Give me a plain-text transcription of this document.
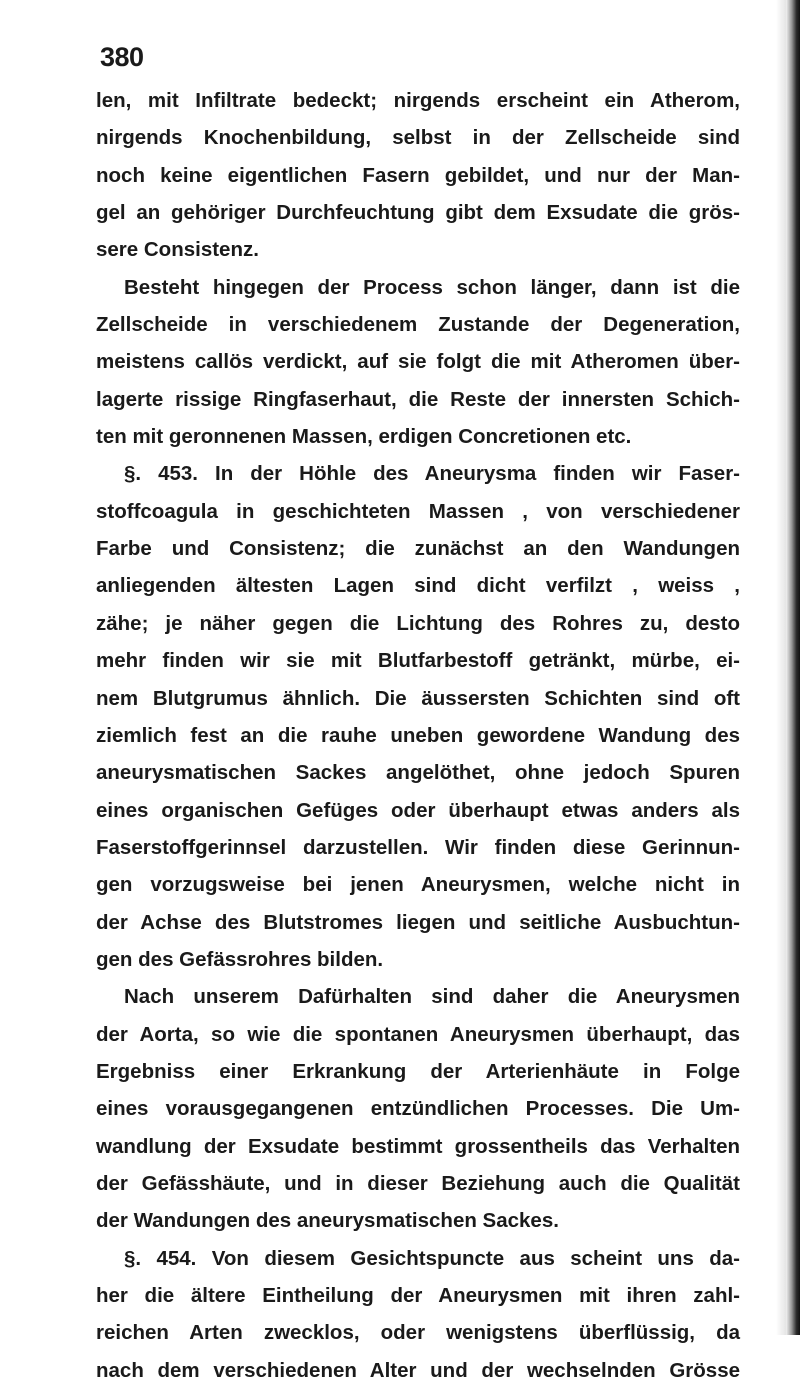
380
len, mit Infiltrate bedeckt; nirgends erscheint ein Atherom,
nirgends Knochenbildung, selbst in der Zellscheide sind
noch keine eigentlichen Fasern gebildet, und nur der Man-
gel an gehöriger Durchfeuchtung gibt dem Exsudate die grös-
sere Consistenz.
Besteht hingegen der Process schon länger, dann ist die
Zellscheide in verschiedenem Zustande der Degeneration,
meistens callös verdickt, auf sie folgt die mit Atheromen über-
lagerte rissige Ringfaserhaut, die Reste der innersten Schich-
ten mit geronnenen Massen, erdigen Concretionen etc.
§. 453. In der Höhle des Aneurysma finden wir Faser-
stoffcoagula in geschichteten Massen , von verschiedener
Farbe und Consistenz; die zunächst an den Wandungen
anliegenden ältesten Lagen sind dicht verfilzt , weiss ,
zähe; je näher gegen die Lichtung des Rohres zu, desto
mehr finden wir sie mit Blutfarbestoff getränkt, mürbe, ei-
nem Blutgrumus ähnlich. Die äussersten Schichten sind oft
ziemlich fest an die rauhe uneben gewordene Wandung des
aneurysmatischen Sackes angelöthet, ohne jedoch Spuren
eines organischen Gefüges oder überhaupt etwas anders als
Faserstoffgerinnsel darzustellen. Wir finden diese Gerinnun-
gen vorzugsweise bei jenen Aneurysmen, welche nicht in
der Achse des Blutstromes liegen und seitliche Ausbuchtun-
gen des Gefässrohres bilden.
Nach unserem Dafürhalten sind daher die Aneurysmen
der Aorta, so wie die spontanen Aneurysmen überhaupt, das
Ergebniss einer Erkrankung der Arterienhäute in Folge
eines vorausgegangenen entzündlichen Processes. Die Um-
wandlung der Exsudate bestimmt grossentheils das Verhalten
der Gefässhäute, und in dieser Beziehung auch die Qualität
der Wandungen des aneurysmatischen Sackes.
§. 454. Von diesem Gesichtspuncte aus scheint uns da-
her die ältere Eintheilung der Aneurysmen mit ihren zahl-
reichen Arten zwecklos, oder wenigstens überflüssig, da
nach dem verschiedenen Alter und der wechselnden Grösse
